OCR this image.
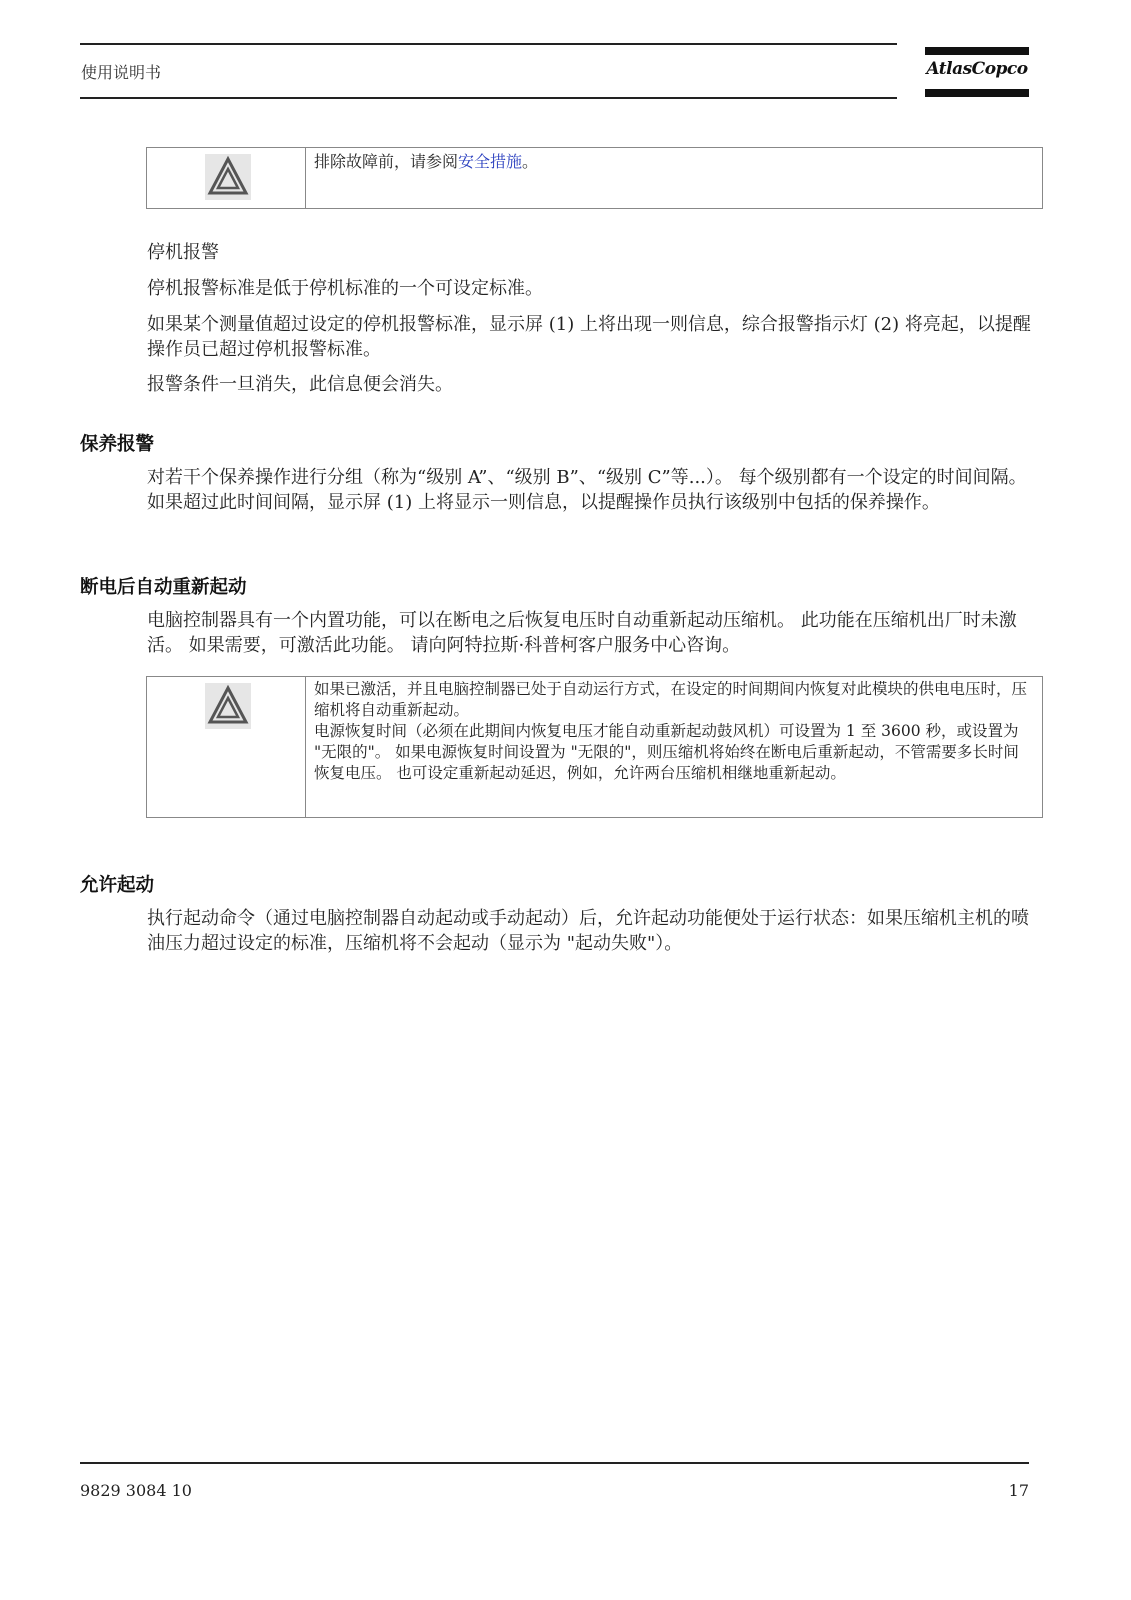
使用说明书	AtlasCopco
排除故障前，请参阅安全措施。

停机报警

停机报警标准是低于停机标准的一个可设定标准。

如果某个测量值超过设定的停机报警标准，显示屏 (1) 上将出现一则信息，综合报警指示灯 (2) 将亮起，以提醒操作员已超过停机报警标准。

报警条件一旦消失，此信息便会消失。

保养报警

对若干个保养操作进行分组（称为“级别 A”、“级别 B”、“级别 C”等...）。 每个级别都有一个设定的时间间隔。 如果超过此时间间隔，显示屏 (1) 上将显示一则信息，以提醒操作员执行该级别中包括的保养操作。

断电后自动重新起动

电脑控制器具有一个内置功能，可以在断电之后恢复电压时自动重新起动压缩机。 此功能在压缩机出厂时未激活。 如果需要，可激活此功能。 请向阿特拉斯·科普柯客户服务中心咨询。

如果已激活，并且电脑控制器已处于自动运行方式，在设定的时间期间内恢复对此模块的供电电压时，压缩机将自动重新起动。

电源恢复时间（必须在此期间内恢复电压才能自动重新起动鼓风机）可设置为 1 至 3600 秒，或设置为 "无限的"。 如果电源恢复时间设置为 "无限的"，则压缩机将始终在断电后重新起动，不管需要多长时间恢复电压。 也可设定重新起动延迟，例如，允许两台压缩机相继地重新起动。

允许起动

执行起动命令（通过电脑控制器自动起动或手动起动）后，允许起动功能便处于运行状态：如果压缩机主机的喷油压力超过设定的标准，压缩机将不会起动（显示为 "起动失败"）。

9829 3084 10	17
